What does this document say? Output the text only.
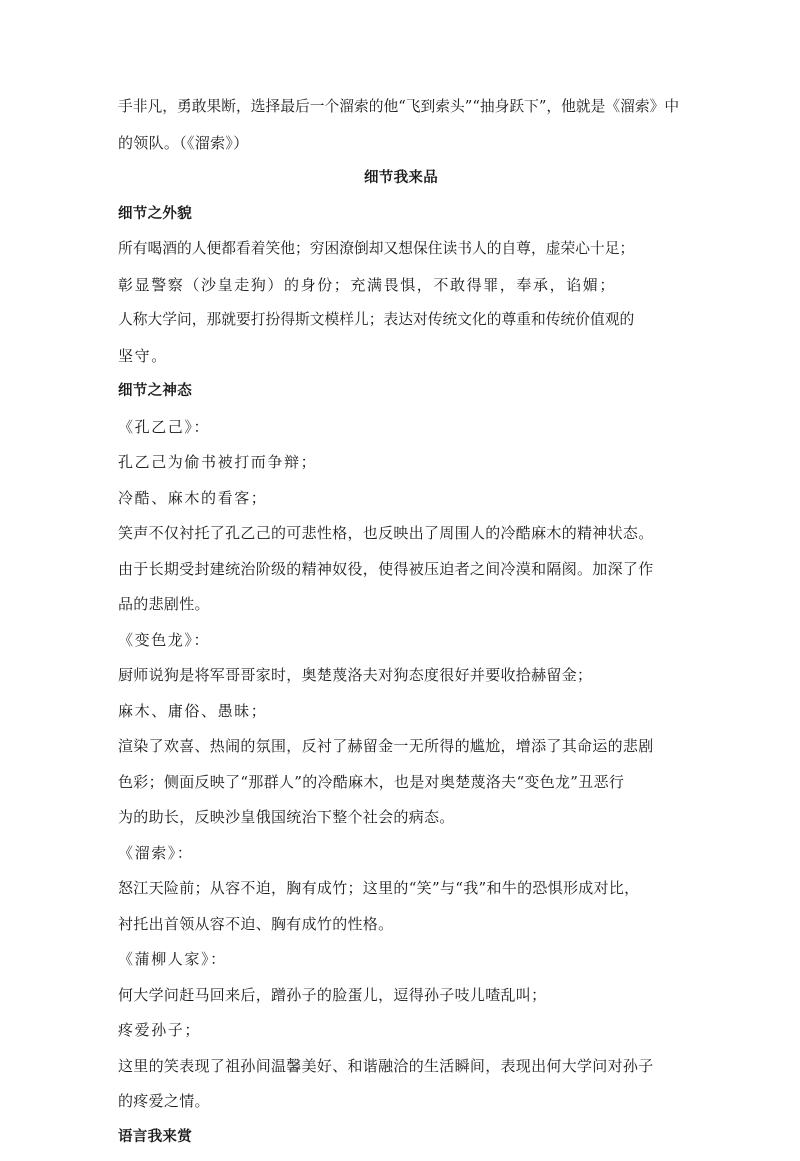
手非凡，勇敢果断，选择最后一个溜索的他“飞到索头”“抽身跃下”，他就是《溜索》中

的领队。（《溜索》）

细节我来品

细节之外貌

所有喝酒的人便都看着笑他；穷困潦倒却又想保住读书人的自尊，虚荣心十足；

彰显警察（沙皇走狗）的身份；充满畏惧，不敢得罪，奉承，谄媚；

人称大学问，那就要打扮得斯文模样儿；表达对传统文化的尊重和传统价值观的

坚守。

细节之神态

《孔乙己》：

孔乙己为偷书被打而争辩；

冷酷、麻木的看客；

笑声不仅衬托了孔乙己的可悲性格，也反映出了周围人的冷酷麻木的精神状态。

由于长期受封建统治阶级的精神奴役，使得被压迫者之间冷漠和隔阂。加深了作

品的悲剧性。

《变色龙》：

厨师说狗是将军哥哥家时，奥楚蔑洛夫对狗态度很好并要收拾赫留金；

麻木、庸俗、愚昧；

渲染了欢喜、热闹的氛围，反衬了赫留金一无所得的尴尬，增添了其命运的悲剧

色彩；侧面反映了“那群人”的冷酷麻木，也是对奥楚蔑洛夫“变色龙”丑恶行

为的助长，反映沙皇俄国统治下整个社会的病态。

《溜索》：

怒江天险前；从容不迫，胸有成竹；这里的“笑”与“我”和牛的恐惧形成对比，

衬托出首领从容不迫、胸有成竹的性格。

《蒲柳人家》：

何大学问赶马回来后，蹭孙子的脸蛋儿，逗得孙子吱儿喳乱叫；

疼爱孙子；

这里的笑表现了祖孙间温馨美好、和谐融洽的生活瞬间，表现出何大学问对孙子

的疼爱之情。

语言我来赏
